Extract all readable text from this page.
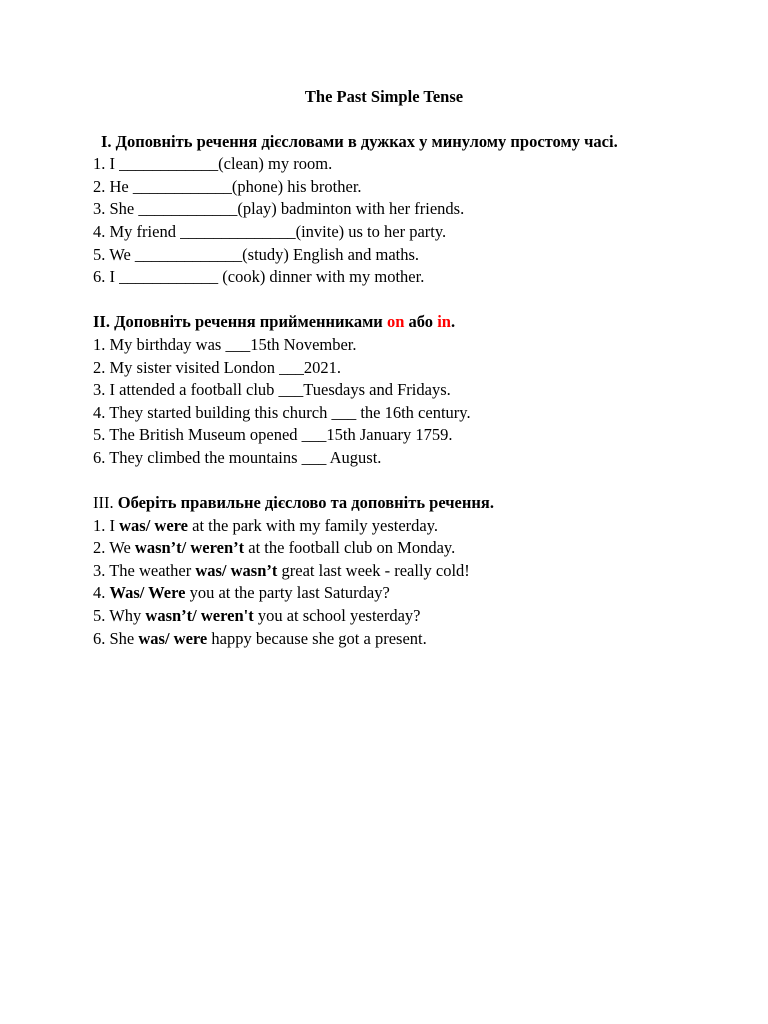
The Past Simple Tense
I. Доповніть речення дієсловами в дужках у минулому простому часі.
1. I ____________(clean) my room.
2. He ____________(phone) his brother.
3. She ____________(play) badminton with her friends.
4. My friend ______________(invite) us to her party.
5. We _____________(study) English and maths.
6. I ____________ (cook) dinner with my mother.
II. Доповніть речення прийменниками on або in.
1. My birthday was ___15th November.
2. My sister visited London ___2021.
3. I attended a football club ___Tuesdays and Fridays.
4. They started building this church ___ the 16th century.
5. The British Museum opened ___15th January 1759.
6. They climbed the mountains ___ August.
III. Оберіть правильне дієслово та доповніть речення.
1. I was/ were at the park with my family yesterday.
2. We wasn’t/ weren’t at the football club on Monday.
3. The weather was/ wasn’t great last week - really cold!
4. Was/ Were you at the party last Saturday?
5. Why wasn’t/ weren't you at school yesterday?
6. She was/ were happy because she got a present.
